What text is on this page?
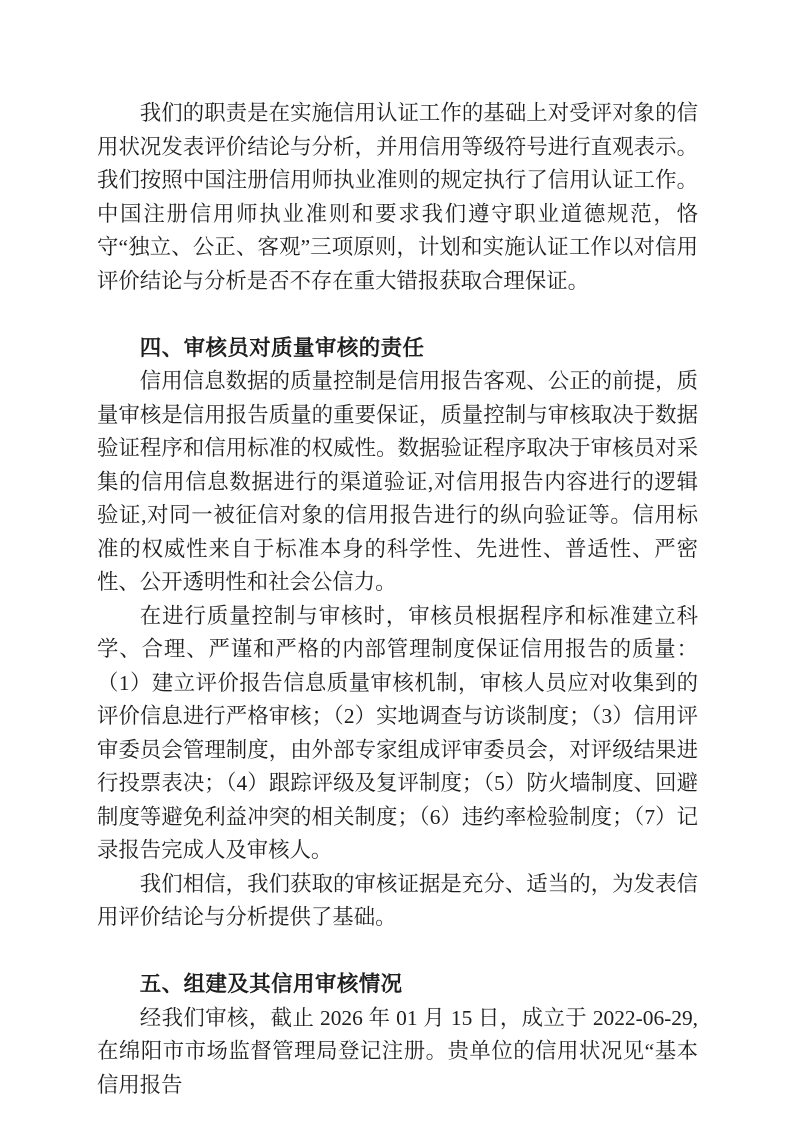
我们的职责是在实施信用认证工作的基础上对受评对象的信用状况发表评价结论与分析，并用信用等级符号进行直观表示。我们按照中国注册信用师执业准则的规定执行了信用认证工作。中国注册信用师执业准则和要求我们遵守职业道德规范，恪守“独立、公正、客观”三项原则，计划和实施认证工作以对信用评价结论与分析是否不存在重大错报获取合理保证。

四、审核员对质量审核的责任

信用信息数据的质量控制是信用报告客观、公正的前提，质量审核是信用报告质量的重要保证，质量控制与审核取决于数据验证程序和信用标准的权威性。数据验证程序取决于审核员对采集的信用信息数据进行的渠道验证,对信用报告内容进行的逻辑验证,对同一被征信对象的信用报告进行的纵向验证等。信用标准的权威性来自于标准本身的科学性、先进性、普适性、严密性、公开透明性和社会公信力。

在进行质量控制与审核时，审核员根据程序和标准建立科学、合理、严谨和严格的内部管理制度保证信用报告的质量：（1）建立评价报告信息质量审核机制，审核人员应对收集到的评价信息进行严格审核；（2）实地调查与访谈制度；（3）信用评审委员会管理制度，由外部专家组成评审委员会，对评级结果进行投票表决；（4）跟踪评级及复评制度；（5）防火墙制度、回避制度等避免利益冲突的相关制度；（6）违约率检验制度；（7）记录报告完成人及审核人。

我们相信，我们获取的审核证据是充分、适当的，为发表信用评价结论与分析提供了基础。

五、组建及其信用审核情况

经我们审核，截止 2026 年 01 月 15 日，成立于 2022-06-29,在绵阳市市场监督管理局登记注册。贵单位的信用状况见“基本信用报告
